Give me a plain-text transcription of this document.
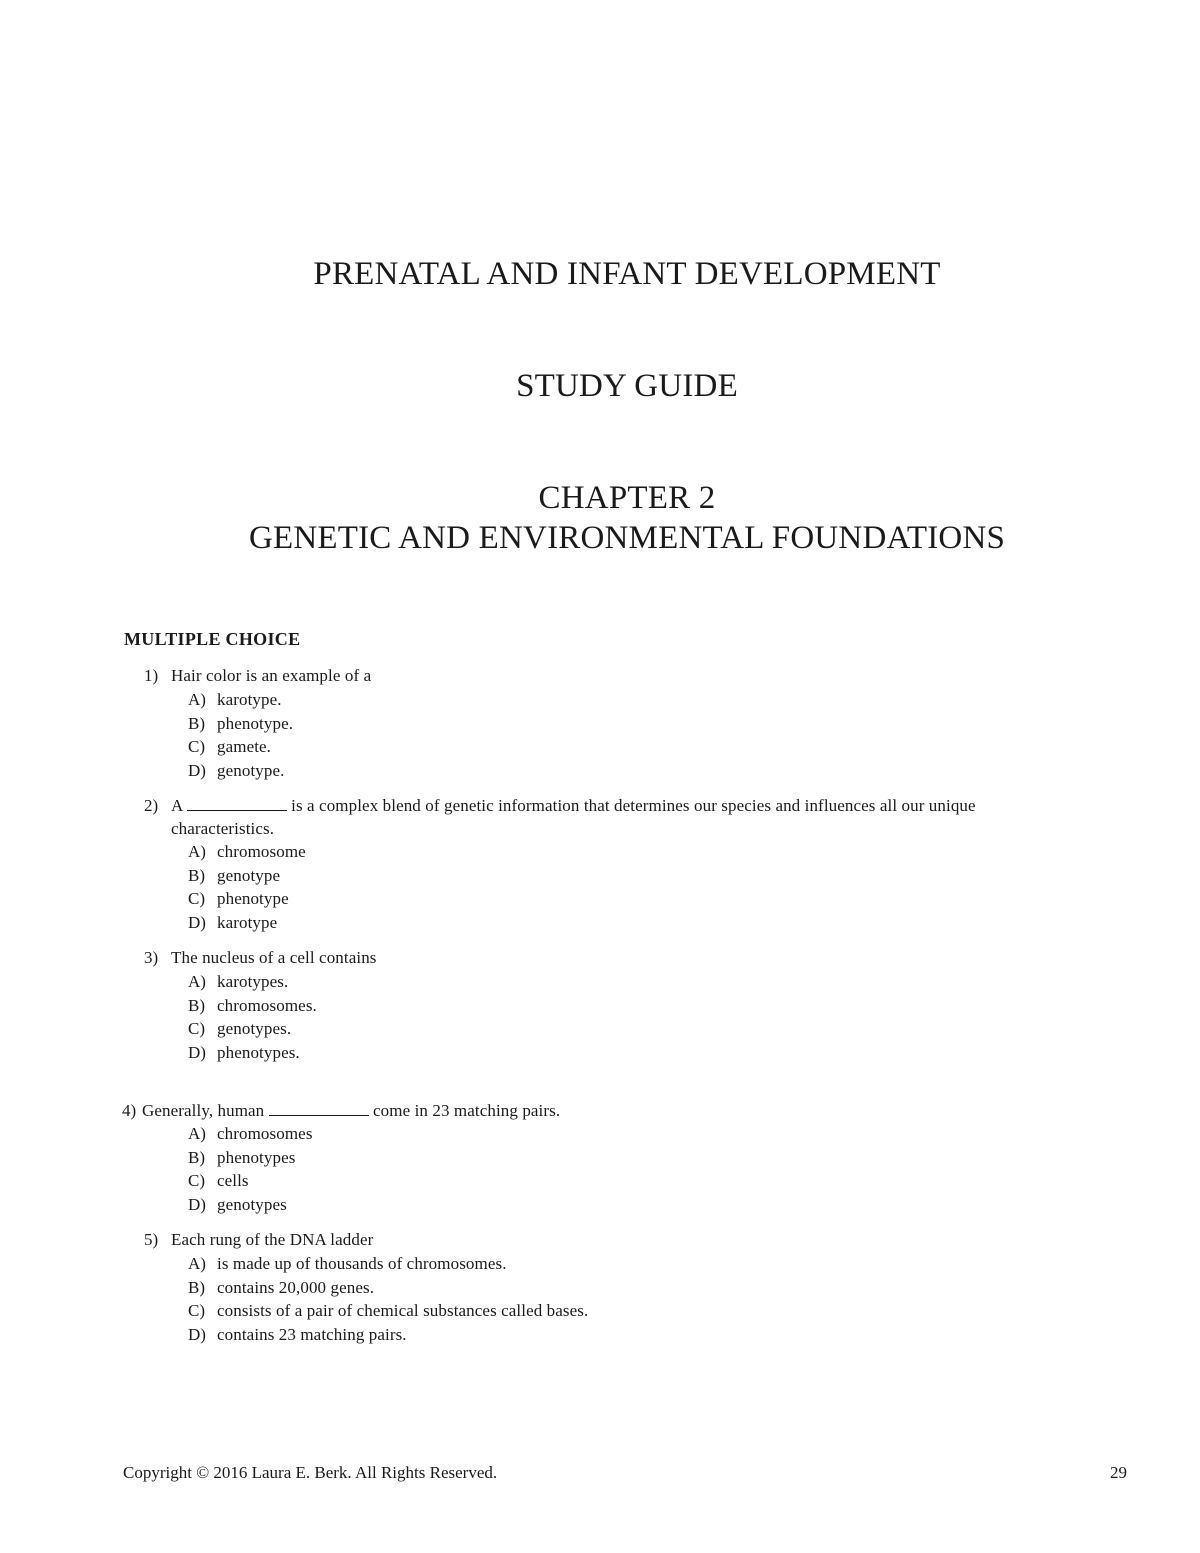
PRENATAL AND INFANT DEVELOPMENT
STUDY GUIDE
CHAPTER 2
GENETIC AND ENVIRONMENTAL FOUNDATIONS
MULTIPLE CHOICE
1) Hair color is an example of a
A) karotype.
B) phenotype.
C) gamete.
D) genotype.
2) A	is a complex blend of genetic information that determines our species and influences all our unique characteristics.
A) chromosome
B) genotype
C) phenotype
D) karotype
3) The nucleus of a cell contains
A) karotypes.
B) chromosomes.
C) genotypes.
D) phenotypes.
4) Generally, human	come in 23 matching pairs.
A) chromosomes
B) phenotypes
C) cells
D) genotypes
5) Each rung of the DNA ladder
A) is made up of thousands of chromosomes.
B) contains 20,000 genes.
C) consists of a pair of chemical substances called bases.
D) contains 23 matching pairs.
Copyright © 2016 Laura E. Berk. All Rights Reserved.	29
